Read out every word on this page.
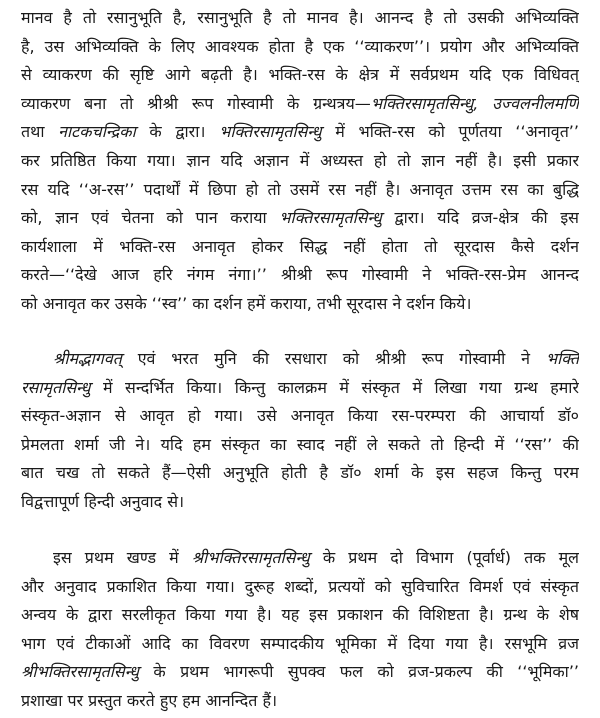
मानव है तो रसानुभूति है, रसानुभूति है तो मानव है। आनन्द है तो उसकी अभिव्यक्ति
है, उस अभिव्यक्ति के लिए आवश्यक होता है एक ‘‘व्याकरण’’। प्रयोग और अभिव्यक्ति
से व्याकरण की सृष्टि आगे बढ़ती है। भक्ति-रस के क्षेत्र में सर्वप्रथम यदि एक विधिवत्
व्याकरण बना तो श्रीश्री रूप गोस्वामी के ग्रन्थत्रय—भक्तिरसामृतसिन्धु, उज्वलनीलमणि
तथा नाटकचन्द्रिका के द्वारा। भक्तिरसामृतसिन्धु में भक्ति-रस को पूर्णतया ‘‘अनावृत’’
कर प्रतिष्ठित किया गया। ज्ञान यदि अज्ञान में अध्यस्त हो तो ज्ञान नहीं है। इसी प्रकार
रस यदि ‘‘अ-रस’’ पदार्थों में छिपा हो तो उसमें रस नहीं है। अनावृत उत्तम रस का बुद्धि
को, ज्ञान एवं चेतना को पान कराया भक्तिरसामृतसिन्धु द्वारा। यदि व्रज-क्षेत्र की इस
कार्यशाला में भक्ति-रस अनावृत होकर सिद्ध नहीं होता तो सूरदास कैसे दर्शन
करते—‘‘देखे आज हरि नंगम नंगा।’’ श्रीश्री रूप गोस्वामी ने भक्ति-रस-प्रेम आनन्द
को अनावृत कर उसके ‘‘स्व’’ का दर्शन हमें कराया, तभी सूरदास ने दर्शन किये।
श्रीमद्भागवत् एवं भरत मुनि की रसधारा को श्रीश्री रूप गोस्वामी ने भक्ति
रसामृतसिन्धु में सन्दर्भित किया। किन्तु कालक्रम में संस्कृत में लिखा गया ग्रन्थ हमारे
संस्कृत-अज्ञान से आवृत हो गया। उसे अनावृत किया रस-परम्परा की आचार्या डॉ०
प्रेमलता शर्मा जी ने। यदि हम संस्कृत का स्वाद नहीं ले सकते तो हिन्दी में ‘‘रस’’ की
बात चख तो सकते हैं—ऐसी अनुभूति होती है डॉ० शर्मा के इस सहज किन्तु परम
विद्वत्तापूर्ण हिन्दी अनुवाद से।
इस प्रथम खण्ड में श्रीभक्तिरसामृतसिन्धु के प्रथम दो विभाग (पूर्वार्ध) तक मूल
और अनुवाद प्रकाशित किया गया। दुरूह शब्दों, प्रत्ययों को सुविचारित विमर्श एवं संस्कृत
अन्वय के द्वारा सरलीकृत किया गया है। यह इस प्रकाशन की विशिष्टता है। ग्रन्थ के शेष
भाग एवं टीकाओं आदि का विवरण सम्पादकीय भूमिका में दिया गया है। रसभूमि व्रज
श्रीभक्तिरसामृतसिन्धु के प्रथम भागरूपी सुपक्व फल को व्रज-प्रकल्प की ‘‘भूमिका’’
प्रशाखा पर प्रस्तुत करते हुए हम आनन्दित हैं।
